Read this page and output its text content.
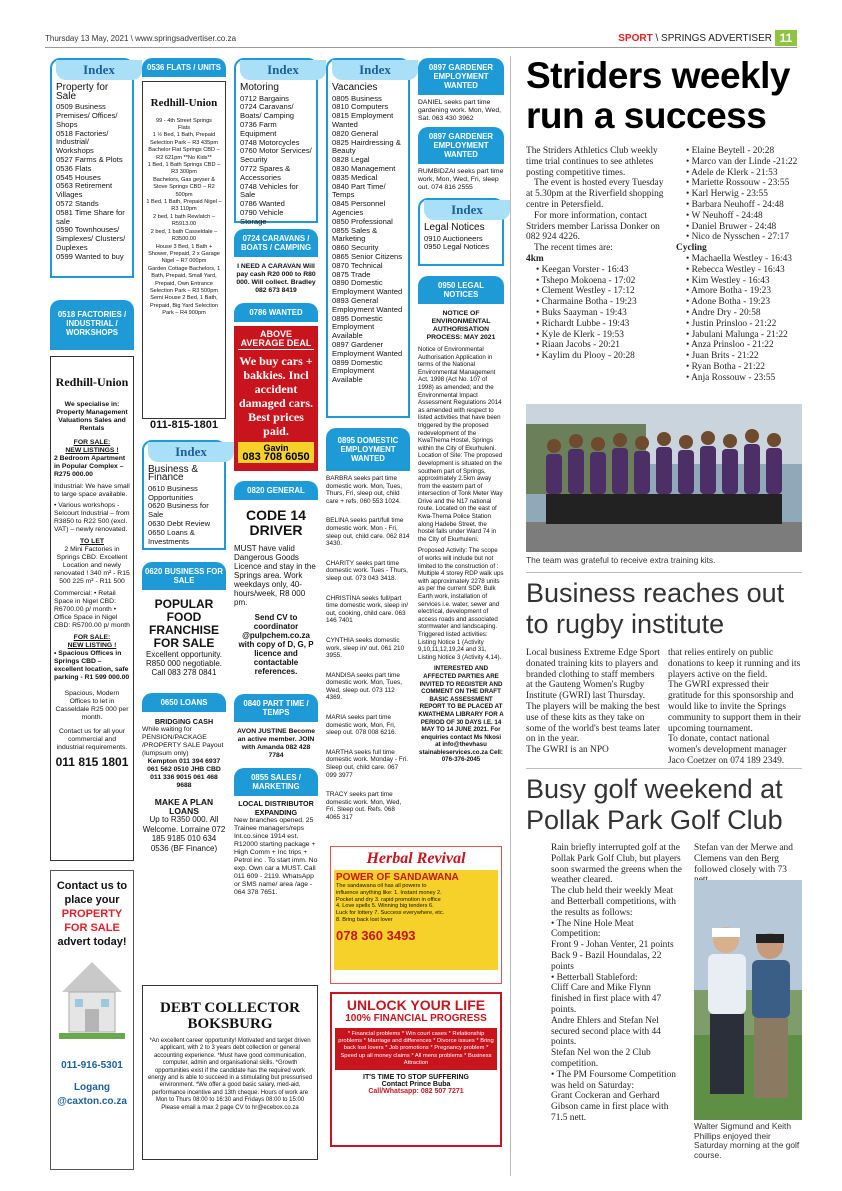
Thursday 13 May, 2021 \ www.springsadvertiser.co.za	SPORT \ SPRINGS ADVERTISER 11
Index
Property for Sale
0509 Business Premises/ Offices/ Shops
0518 Factories/ Industrial/ Workshops
0527 Farms & Plots
0536 Flats
0545 Houses
0563 Retirement Villages
0572 Stands
0581 Time Share for sale
0590 Townhouses/ Simplexes/ Clusters/ Duplexes
0599 Wanted to buy
0518 FACTORIES / INDUSTRIAL / WORKSHOPS
Redhill-Union
We specialise in: Property Management Valuations Sales and Rentals
FOR SALE:
NEW LISTINGS !
2 Bedroom Apartment in Popular Complex – R275 000.00
Industrial: We have small to large space available.
• Various workshops - Selcourt Industrial – from R3850 to R22 500 (excl. VAT) – newly renovated.
TO LET
2 Mini Factories in Springs CBD. Excellent Location and newly renovated ! 340 m² - R15 500 225 m² - R11 500
Commercial: • Retail Space in Nigel CBD: R6700.00 p/ month • Office Space in Nigel CBD: R5700.00 p/ month
FOR SALE:
NEW LISTING !
• Spacious Offices in Springs CBD – excellent location, safe parking - R1 599 000.00
Spacious, Modern Offices to let in Casseldale R25 000 per month.
Contact us for all your commercial and industrial requirements.
011 815 1801
Contact us to place your
PROPERTY
FOR SALE
advert today!
011-916-5301
Logang
@caxton.co.za
0536 FLATS / UNITS
Redhill-Union
99 - 4th Street Springs
Flats
1 ½ Bed, 1 Bath, Prepaid Selection Park – R3 435pm
Bachelor Flat Springs CBD – R2 621pm **No Kids**
1 Bed, 1 Bath Springs CBD – R3 300pm
Bachelors, Gas geyser & Stove Springs CBD – R2 500pm
1 Bed, 1 Bath, Prepaid Nigel – R3 110pm
2 bed, 1 bath Rewlatch – R5913.00
2 bed, 1 bath Casseldale – R3500.00
House 3 Bed, 1 Bath + Shower, Prepaid, 2 x Garage Nigel – R7 000pm
Garden Cottage Bachelors, 1 Bath, Prepaid, Small Yard, Prepaid, Own Entrance Selection Park – R3 500pm
Semi House 2 Bed, 1 Bath, Prepaid, Big Yard Selection Park – R4 900pm
011-815-1801
Index
Business & Finance
0610 Business Opportunities
0620 Business for Sale
0630 Debt Review
0650 Loans & Investments
0620 BUSINESS FOR SALE
POPULAR FOOD FRANCHISE FOR SALE
Excellent opportunity. R850 000 negotiable. Call 083 278 0841
0650 LOANS
BRIDGING CASH
While waiting for PENSION/PACKAGE /PROPERTY SALE Payout (lumpsum only)
Kempton 011 394 6937 061 562 0510 JHB CBD 011 336 9015 061 468 9688
MAKE A PLAN LOANS
Up to R350 000. All Welcome. Lorraine 072 185 9185 010 634 0536 (BF Finance)
Index
Motoring
0712 Bargains
0724 Caravans/ Boats/ Camping
0736 Farm Equipment
0748 Motorcycles
0760 Motor Services/ Security
0772 Spares & Accessories
0748 Vehicles for Sale
0786 Wanted
0790 Vehicle Storage
0724 CARAVANS / BOATS / CAMPING
I NEED A CARAVAN Will pay cash R20 000 to R80 000. Will collect. Bradley 082 673 8419
0786 WANTED
ABOVE AVERAGE DEAL
We buy cars + bakkies. Incl accident damaged cars. Best prices paid.
Gavin
083 708 6050
0820 GENERAL
CODE 14 DRIVER
MUST have valid Dangerous Goods Licence and stay in the Springs area. Work weekdays only, 40- hours/week, R8 000 pm.
Send CV to coordinator @pulpchem.co.za with copy of D, G, P licence and contactable references.
0840 PART TIME / TEMPS
AVON JUSTINE Become an active member. JOIN with Amanda 082 428 7784
0855 SALES / MARKETING
LOCAL DISTRIBUTOR EXPANDING
New branches opened. 25 Trainee managers/reps Int.co.since 1914 est. R12000 starting package + High Comm + Inc trips + Petrol inc . To start imm. No exp. Own car a MUST. Call 011 609 - 2119. WhatsApp or SMS name/ area /age - 064 378 7651.
DEBT COLLECTOR BOKSBURG
*An excellent career opportunity! Motivated and target driven applicant, with 2 to 3 years debt collection or general accounting experience. *Must have good communication, computer, admin and organisational skills. *Growth opportunities exist if the candidate has the required work energy and is able to succeed in a stimulating but pressurised environment. *We offer a good basic salary, med-aid, performance incentive and 13th cheque. Hours of work are Mon to Thurs 08:00 to 16:30 and Fridays 08:00 to 15:00 Please email a max 2 page CV to hr@ecebox.co.za
Index
Vacancies
0805 Business
0810 Computers
0815 Employment Wanted
0820 General
0825 Hairdressing & Beauty
0828 Legal
0830 Management
0835 Medical
0840 Part Time/ Temps
0845 Personnel Agencies
0850 Professional
0855 Sales & Marketing
0860 Security
0865 Senior Citizens
0870 Technical
0875 Trade
0890 Domestic Employment Wanted
0893 General Employment Wanted
0895 Domestic Employment Available
0897 Gardener Employment Wanted
0899 Domestic Employment Available
0895 DOMESTIC EMPLOYMENT WANTED
BARBRA seeks part time domestic work. Mon, Tues, Thurs, Fri, sleep out, child care + refs. 060 553 1024.
BELINA seeks part/full time domestic work. Mon - Fri, sleep out, child care. 062 814 3430.
CHARITY seeks part time domestic work. Tues - Thurs, sleep out. 073 043 3418.
CHRISTINA seeks full/part time domestic work, sleep in/ out, cooking, child care. 063 146 7401
CYNTHIA seeks domestic work, sleep in/ out. 061 210 3955.
MANDISA seeks part time domestic work. Mon, Tues, Wed, sleep out. 073 112 4369.
MARIA seeks part time domestic work, Mon, Fri, sleep out. 078 008 6216.
MARTHA seeks full time domestic work. Monday - Fri. Sleep out, child care. 067 099 3977
TRACY seeks part time domestic work. Mon, Wed, Fri. Sleep out. Refs. 068 4065 317
Herbal Revival
POWER OF SANDAWANA
The sandawana oil has all powers to influence anything like: 1. Instant money 2. Pocket and dry 3. rapid promotion in office 4. Love spells 5. Winning big tenders 6. Luck for lottery 7. Success everywhere, etc. 8. Bring back lost lover
078 360 3493
UNLOCK YOUR LIFE
100% FINANCIAL PROGRESS
* Financial problems * Win court cases * Relationship problems * Marriage and differences * Divorce issues * Bring back lost lovers * Job promotions * Pregnancy problem * Speed up all money claims * All mens problems * Business Attraction
IT'S TIME TO STOP SUFFERING
Contact Prince Buba
Call/Whatsapp: 082 507 7271
0897 GARDENER EMPLOYMENT WANTED
DANIEL seeks part time gardening work. Mon, Wed, Sat. 063 430 3962
0897 GARDENER EMPLOYMENT WANTED
RUMBIDZAI seeks part time work, Mon, Wed, Fri, sleep out. 074 816 2555
Index
Legal Notices
0910 Auctioneers
0950 Legal Notices
0950 LEGAL NOTICES
NOTICE OF ENVIRONMENTAL AUTHORISATION PROCESS: MAY 2021
Notice of Environmental Authorisation Application in terms of the National Environmental Management Act, 1998 (Act No. 107 of 1998) as amended; and the Environmental Impact Assessment Regulations 2014 as amended with respect to listed activities that have been triggered by the proposed redevelopment of the KwaThema Hostel, Springs within the City of Ekurhuleni. Location of Site: The proposed development is situated on the southern part of Springs, approximately 2.5km away from the eastern part of intersection of Tonk Meter Way Drive and the N17 national route. Located on the east of Kwa-Thema Police Station along Hadebe Street, the hostel falls under Ward 74 in the City of Ekurhuleni.
Proposed Activity: The scope of works will include but not limited to the construction of : Multiple 4 storey RDP walk ups with approximately 2278 units as per the current SDP, Bulk Earth work, installation of services i.e. water, sewer and electrical, development of access roads and associated stormwater and landscaping. Triggered listed activities: Listing Notice 1 (Activity 9,10,11,12,19,24 and 31, Listing Notice 3 (Activity 4,14).
INTERESTED AND AFFECTED PARTIES ARE INVITED TO REGISTER AND COMMENT ON THE DRAFT BASIC ASSESSMENT REPORT TO BE PLACED AT KWATHEMA LIBRARY FOR A PERIOD OF 30 DAYS I.E. 14 MAY TO 14 JUNE 2021. For enquiries contact Ms Nkosi at info@thevhasu stainableservices.co.za Cell: 076-376-2045
Striders weekly run a success

The Striders Athletics Club weekly time trial continues to see athletes posting competitive times.

The event is hosted every Tuesday at 5.30pm at the Riverfield shopping centre in Petersfield.

For more information, contact Striders member Larissa Donker on 082 924 4226.

The recent times are:

4km

• Keegan Vorster - 16:43
• Tshepo Mokoena - 17:02
• Clement Westley - 17:12
• Charmaine Botha - 19:23
• Buks Saayman - 19:43
• Richardt Lubbe - 19:43
• Kyle de Klerk - 19:53
• Riaan Jacobs - 20:21
• Kaylim du Plooy - 20:28
• Elaine Beytell - 20:28
• Marco van der Linde -21:22
• Adele de Klerk - 21:53
• Mariette Rossouw - 23:55
• Karl Herwig - 23:55
• Barbara Neuhoff - 24:48
• W Neuhoff - 24:48
• Daniel Bruwer - 24:48
• Nico de Nysschen - 27:17

Cycling

• Machaella Westley - 16:43
• Rebecca Westley - 16:43
• Kim Westley - 16:43
• Amore Botha - 19:23
• Adone Botha - 19:23
• Andre Dry - 20:58
• Justin Prinsloo - 21:22
• Jabulani Malunga - 21:22
• Anza Prinsloo - 21:22
• Juan Brits - 21:22
• Ryan Botha - 21:22
• Anja Rossouw - 23:55
The team was grateful to receive extra training kits.
Business reaches out to rugby institute
Local business Extreme Edge Sport donated training kits to players and branded clothing to staff members at the Gauteng Women's Rugby Institute (GWRI) last Thursday.
The players will be making the best use of these kits as they take on some of the world's best teams later on in the year.
The GWRI is an NPO
that relies entirely on public donations to keep it running and its players active on the field.
The GWRI expressed their gratitude for this sponsorship and would like to invite the Springs community to support them in their upcoming tournament.
To donate, contact national women's development manager Jaco Coetzer on 074 189 2349.
Busy golf weekend at Pollak Park Golf Club
Rain briefly interrupted golf at the Pollak Park Golf Club, but players soon swarmed the greens when the weather cleared.
The club held their weekly Meat and Betterball competitions, with the results as follows:
• The Nine Hole Meat Competition:
Front 9 - Johan Venter, 21 points
Back 9 - Bazil Houndalas, 22 points
• Betterball Stableford:
Cliff Care and Mike Flynn finished in first place with 47 points.
Andre Ehlers and Stefan Nel secured second place with 44 points.
Stefan Nel won the 2 Club competition.
• The PM Foursome Competition was held on Saturday:
Grant Cockeran and Gerhard Gibson came in first place with 71.5 nett.
Stefan van der Merwe and Clemens van den Berg followed closely with 73
Walter Sigmund and Keith Phillips enjoyed their Saturday morning at the golf course.
